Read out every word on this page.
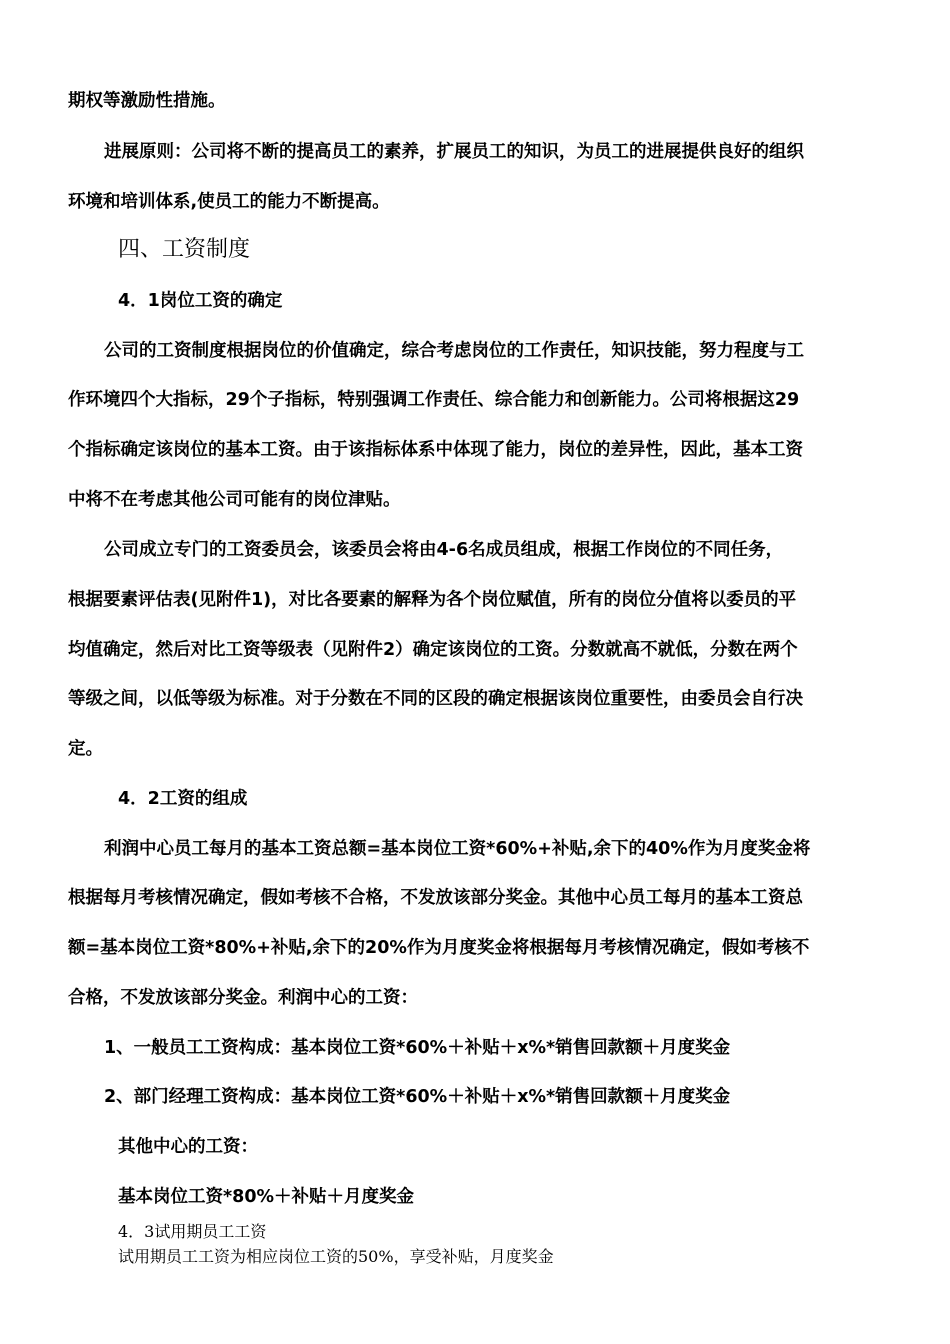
期权等激励性措施。
进展原则：公司将不断的提高员工的素养，扩展员工的知识，为员工的进展提供良好的组织
环境和培训体系,使员工的能力不断提高。
四、工资制度
4．1岗位工资的确定
公司的工资制度根据岗位的价值确定，综合考虑岗位的工作责任，知识技能，努力程度与工
作环境四个大指标，29个子指标，特别强调工作责任、综合能力和创新能力。公司将根据这29
个指标确定该岗位的基本工资。由于该指标体系中体现了能力，岗位的差异性，因此，基本工资
中将不在考虑其他公司可能有的岗位津贴。
公司成立专门的工资委员会，该委员会将由4-6名成员组成，根据工作岗位的不同任务，
根据要素评估表(见附件1)，对比各要素的解释为各个岗位赋值，所有的岗位分值将以委员的平
均值确定，然后对比工资等级表（见附件2）确定该岗位的工资。分数就高不就低，分数在两个
等级之间，以低等级为标准。对于分数在不同的区段的确定根据该岗位重要性，由委员会自行决
定。
4．2工资的组成
利润中心员工每月的基本工资总额=基本岗位工资*60%+补贴,余下的40%作为月度奖金将
根据每月考核情况确定，假如考核不合格，不发放该部分奖金。其他中心员工每月的基本工资总
额=基本岗位工资*80%+补贴,余下的20%作为月度奖金将根据每月考核情况确定，假如考核不
合格，不发放该部分奖金。利润中心的工资：
1、一般员工工资构成：基本岗位工资*60%＋补贴＋x%*销售回款额＋月度奖金
2、部门经理工资构成：基本岗位工资*60%＋补贴＋x%*销售回款额＋月度奖金
其他中心的工资：
基本岗位工资*80%＋补贴＋月度奖金
4．3试用期员工工资
试用期员工工资为相应岗位工资的50%，享受补贴，月度奖金
